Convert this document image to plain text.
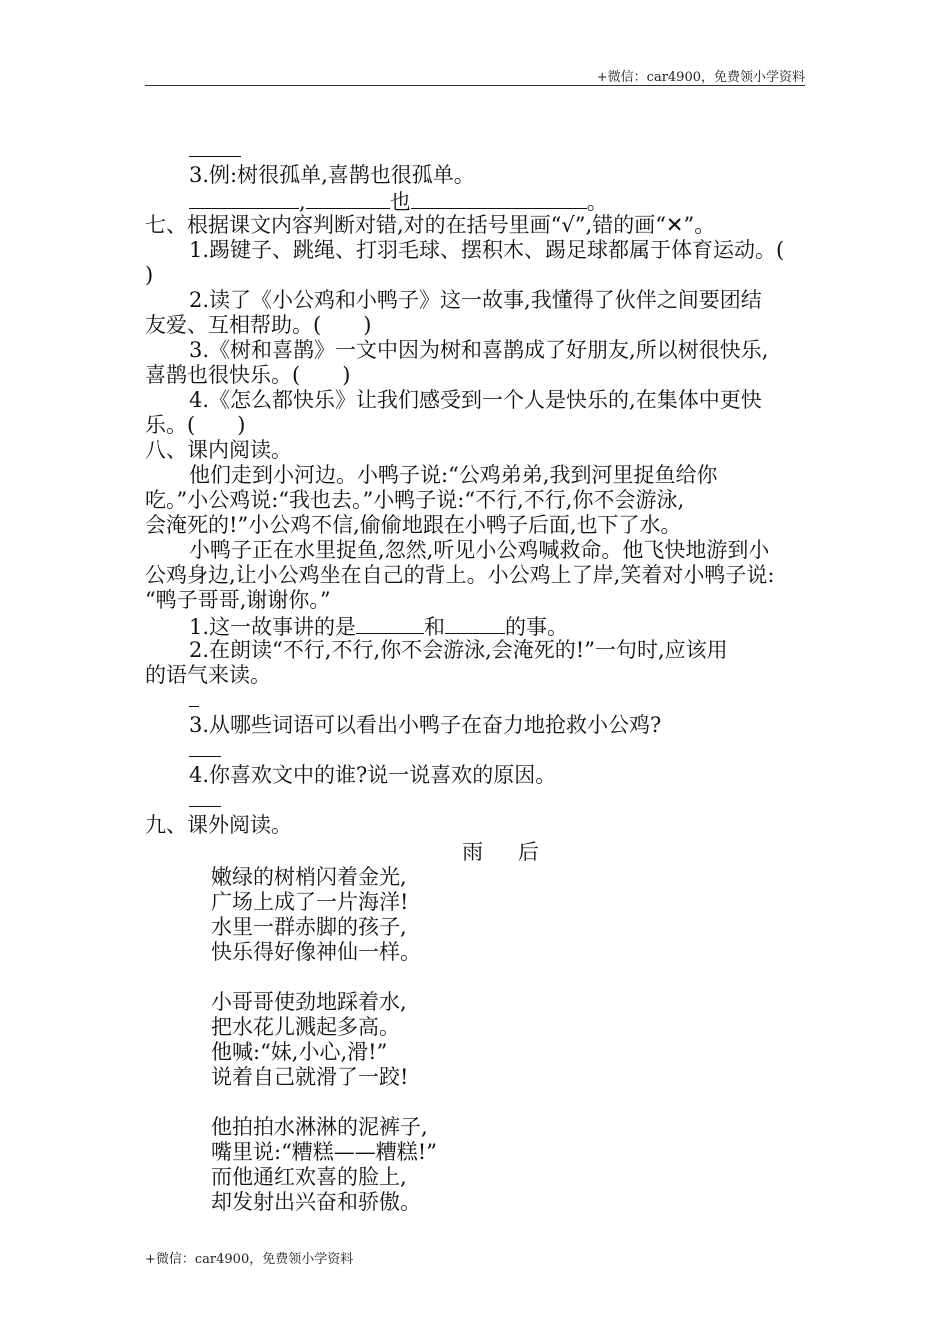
+微信：car4900，免费领小学资料
3.例:树很孤单,喜鹊也很孤单。
,	也	。
七、根据课文内容判断对错,对的在括号里画“√”,错的画“✕”。
1.踢键子、跳绳、打羽毛球、摆积木、踢足球都属于体育运动。(
)
2.读了《小公鸡和小鸭子》这一故事,我懂得了伙伴之间要团结
友爱、互相帮助。(　　)
3.《树和喜鹊》一文中因为树和喜鹊成了好朋友,所以树很快乐,
喜鹊也很快乐。(　　)
4.《怎么都快乐》让我们感受到一个人是快乐的,在集体中更快
乐。(　　)
八、课内阅读。
他们走到小河边。小鸭子说:“公鸡弟弟,我到河里捉鱼给你
吃。”小公鸡说:“我也去。”小鸭子说:“不行,不行,你不会游泳,
会淹死的!”小公鸡不信,偷偷地跟在小鸭子后面,也下了水。
小鸭子正在水里捉鱼,忽然,听见小公鸡喊救命。他飞快地游到小
公鸡身边,让小公鸡坐在自己的背上。小公鸡上了岸,笑着对小鸭子说:
“鸭子哥哥,谢谢你。”
1.这一故事讲的是	和	的事。
2.在朗读“不行,不行,你不会游泳,会淹死的!”一句时,应该用
的语气来读。
3.从哪些词语可以看出小鸭子在奋力地抢救小公鸡?
4.你喜欢文中的谁?说一说喜欢的原因。
九、课外阅读。
雨 后
嫩绿的树梢闪着金光,
广场上成了一片海洋!
水里一群赤脚的孩子,
快乐得好像神仙一样。
小哥哥使劲地踩着水,
把水花儿溅起多高。
他喊:“妹,小心,滑!”
说着自己就滑了一跤!
他拍拍水淋淋的泥裤子,
嘴里说:“糟糕——糟糕!”
而他通红欢喜的脸上,
却发射出兴奋和骄傲。
+微信：car4900，免费领小学资料
